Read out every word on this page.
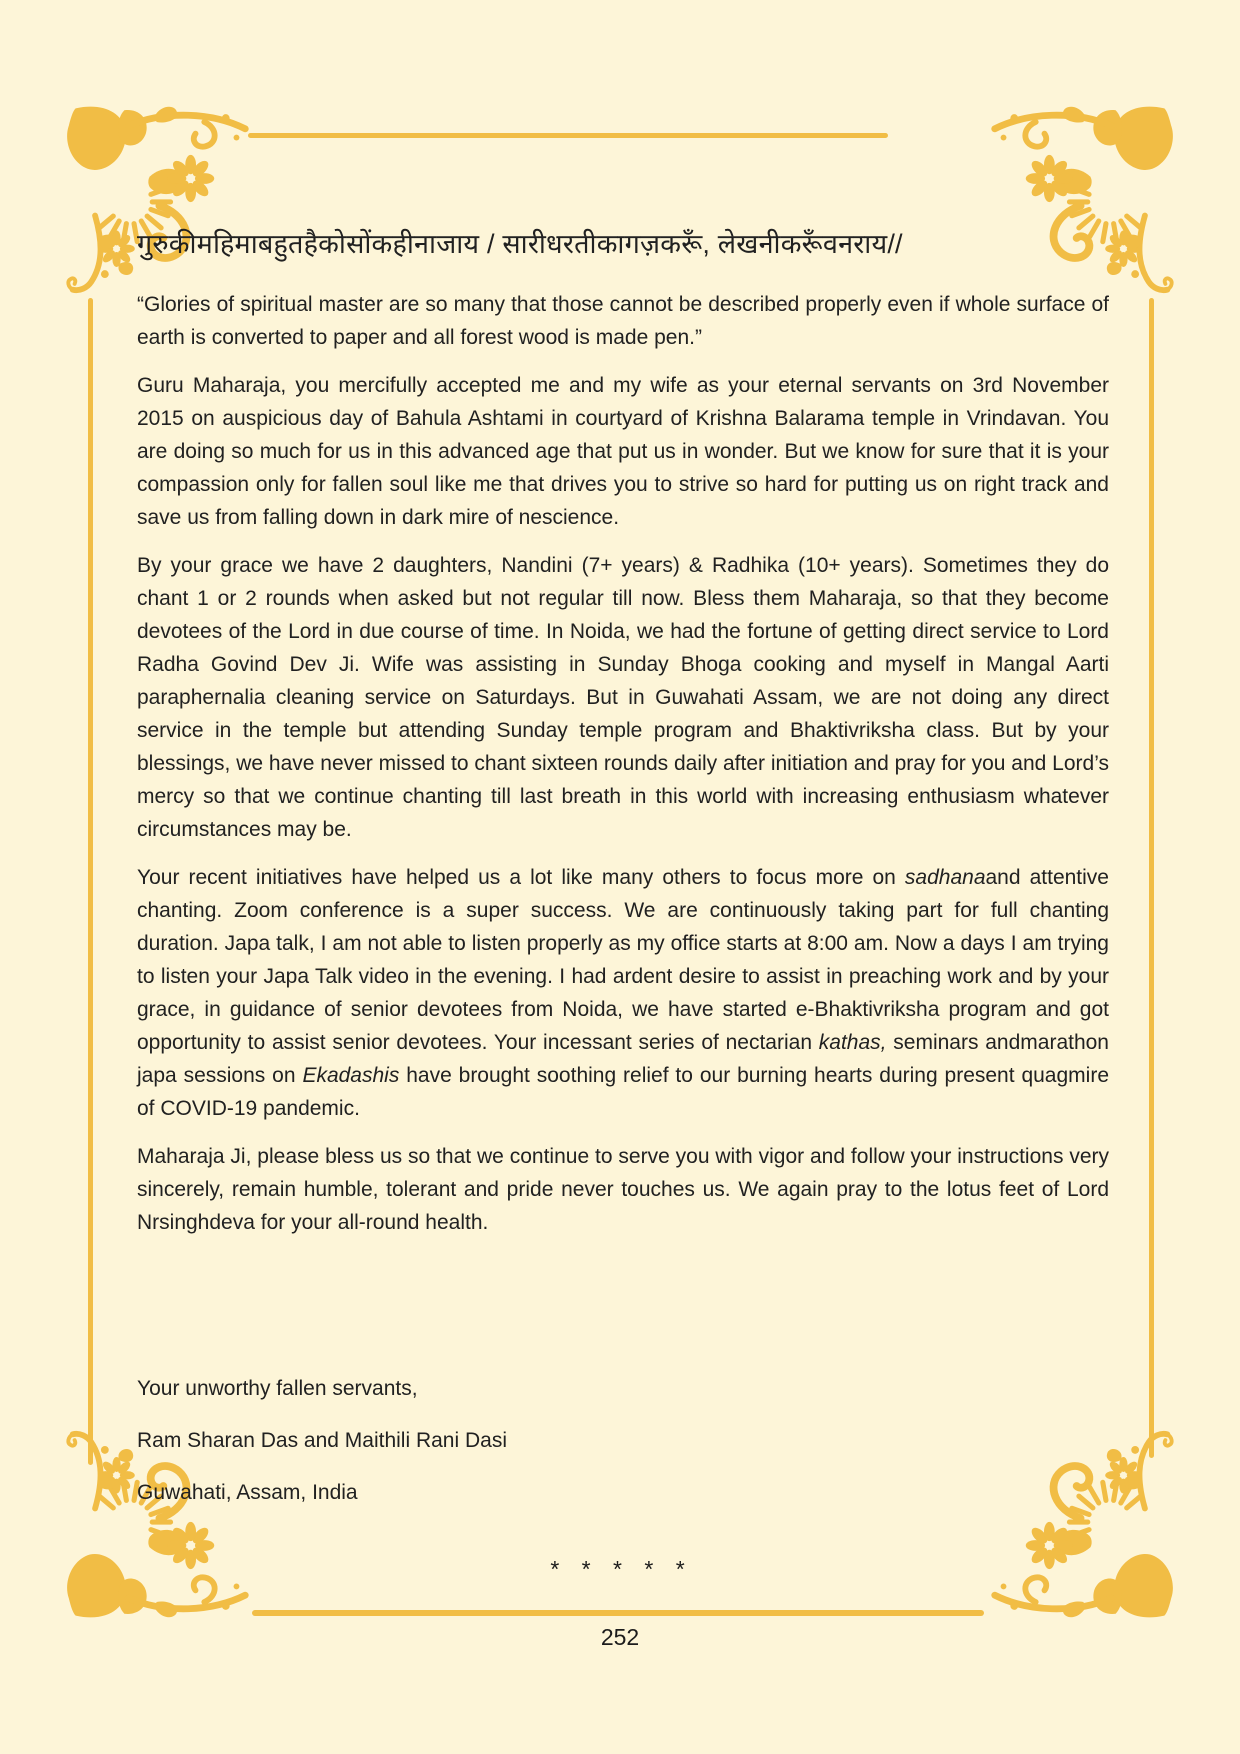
गुरुकीमहिमाबहुतहैकोसोंकहीनाजाय / सारीधरतीकागज़करूँ, लेखनीकरूँवनराय//

“Glories of spiritual master are so many that those cannot be described properly even if whole surface of earth is converted to paper and all forest wood is made pen.”

Guru Maharaja, you mercifully accepted me and my wife as your eternal servants on 3rd November 2015 on auspicious day of Bahula Ashtami in courtyard of Krishna Balarama temple in Vrindavan. You are doing so much for us in this advanced age that put us in wonder. But we know for sure that it is your compassion only for fallen soul like me that drives you to strive so hard for putting us on right track and save us from falling down in dark mire of nescience.

By your grace we have 2 daughters, Nandini (7+ years) & Radhika (10+ years). Sometimes they do chant 1 or 2 rounds when asked but not regular till now. Bless them Maharaja, so that they become devotees of the Lord in due course of time. In Noida, we had the fortune of getting direct service to Lord Radha Govind Dev Ji. Wife was assisting in Sunday Bhoga cooking and myself in Mangal Aarti paraphernalia cleaning service on Saturdays. But in Guwahati Assam, we are not doing any direct service in the temple but attending Sunday temple program and Bhaktivriksha class. But by your blessings, we have never missed to chant sixteen rounds daily after initiation and pray for you and Lord’s mercy so that we continue chanting till last breath in this world with increasing enthusiasm whatever circumstances may be.

Your recent initiatives have helped us a lot like many others to focus more on sadhanaand attentive chanting. Zoom conference is a super success. We are continuously taking part for full chanting duration. Japa talk, I am not able to listen properly as my office starts at 8:00 am. Now a days I am trying to listen your Japa Talk video in the evening. I had ardent desire to assist in preaching work and by your grace, in guidance of senior devotees from Noida, we have started e-Bhaktivriksha program and got opportunity to assist senior devotees. Your incessant series of nectarian kathas, seminars andmarathon japa sessions on Ekadashis have brought soothing relief to our burning hearts during present quagmire of COVID-19 pandemic.

Maharaja Ji, please bless us so that we continue to serve you with vigor and follow your instructions very sincerely, remain humble, tolerant and pride never touches us. We again pray to the lotus feet of Lord Nrsinghdeva for your all-round health.

Your unworthy fallen servants,

Ram Sharan Das and Maithili Rani Dasi

Guwahati, Assam, India

* * * * *
252
